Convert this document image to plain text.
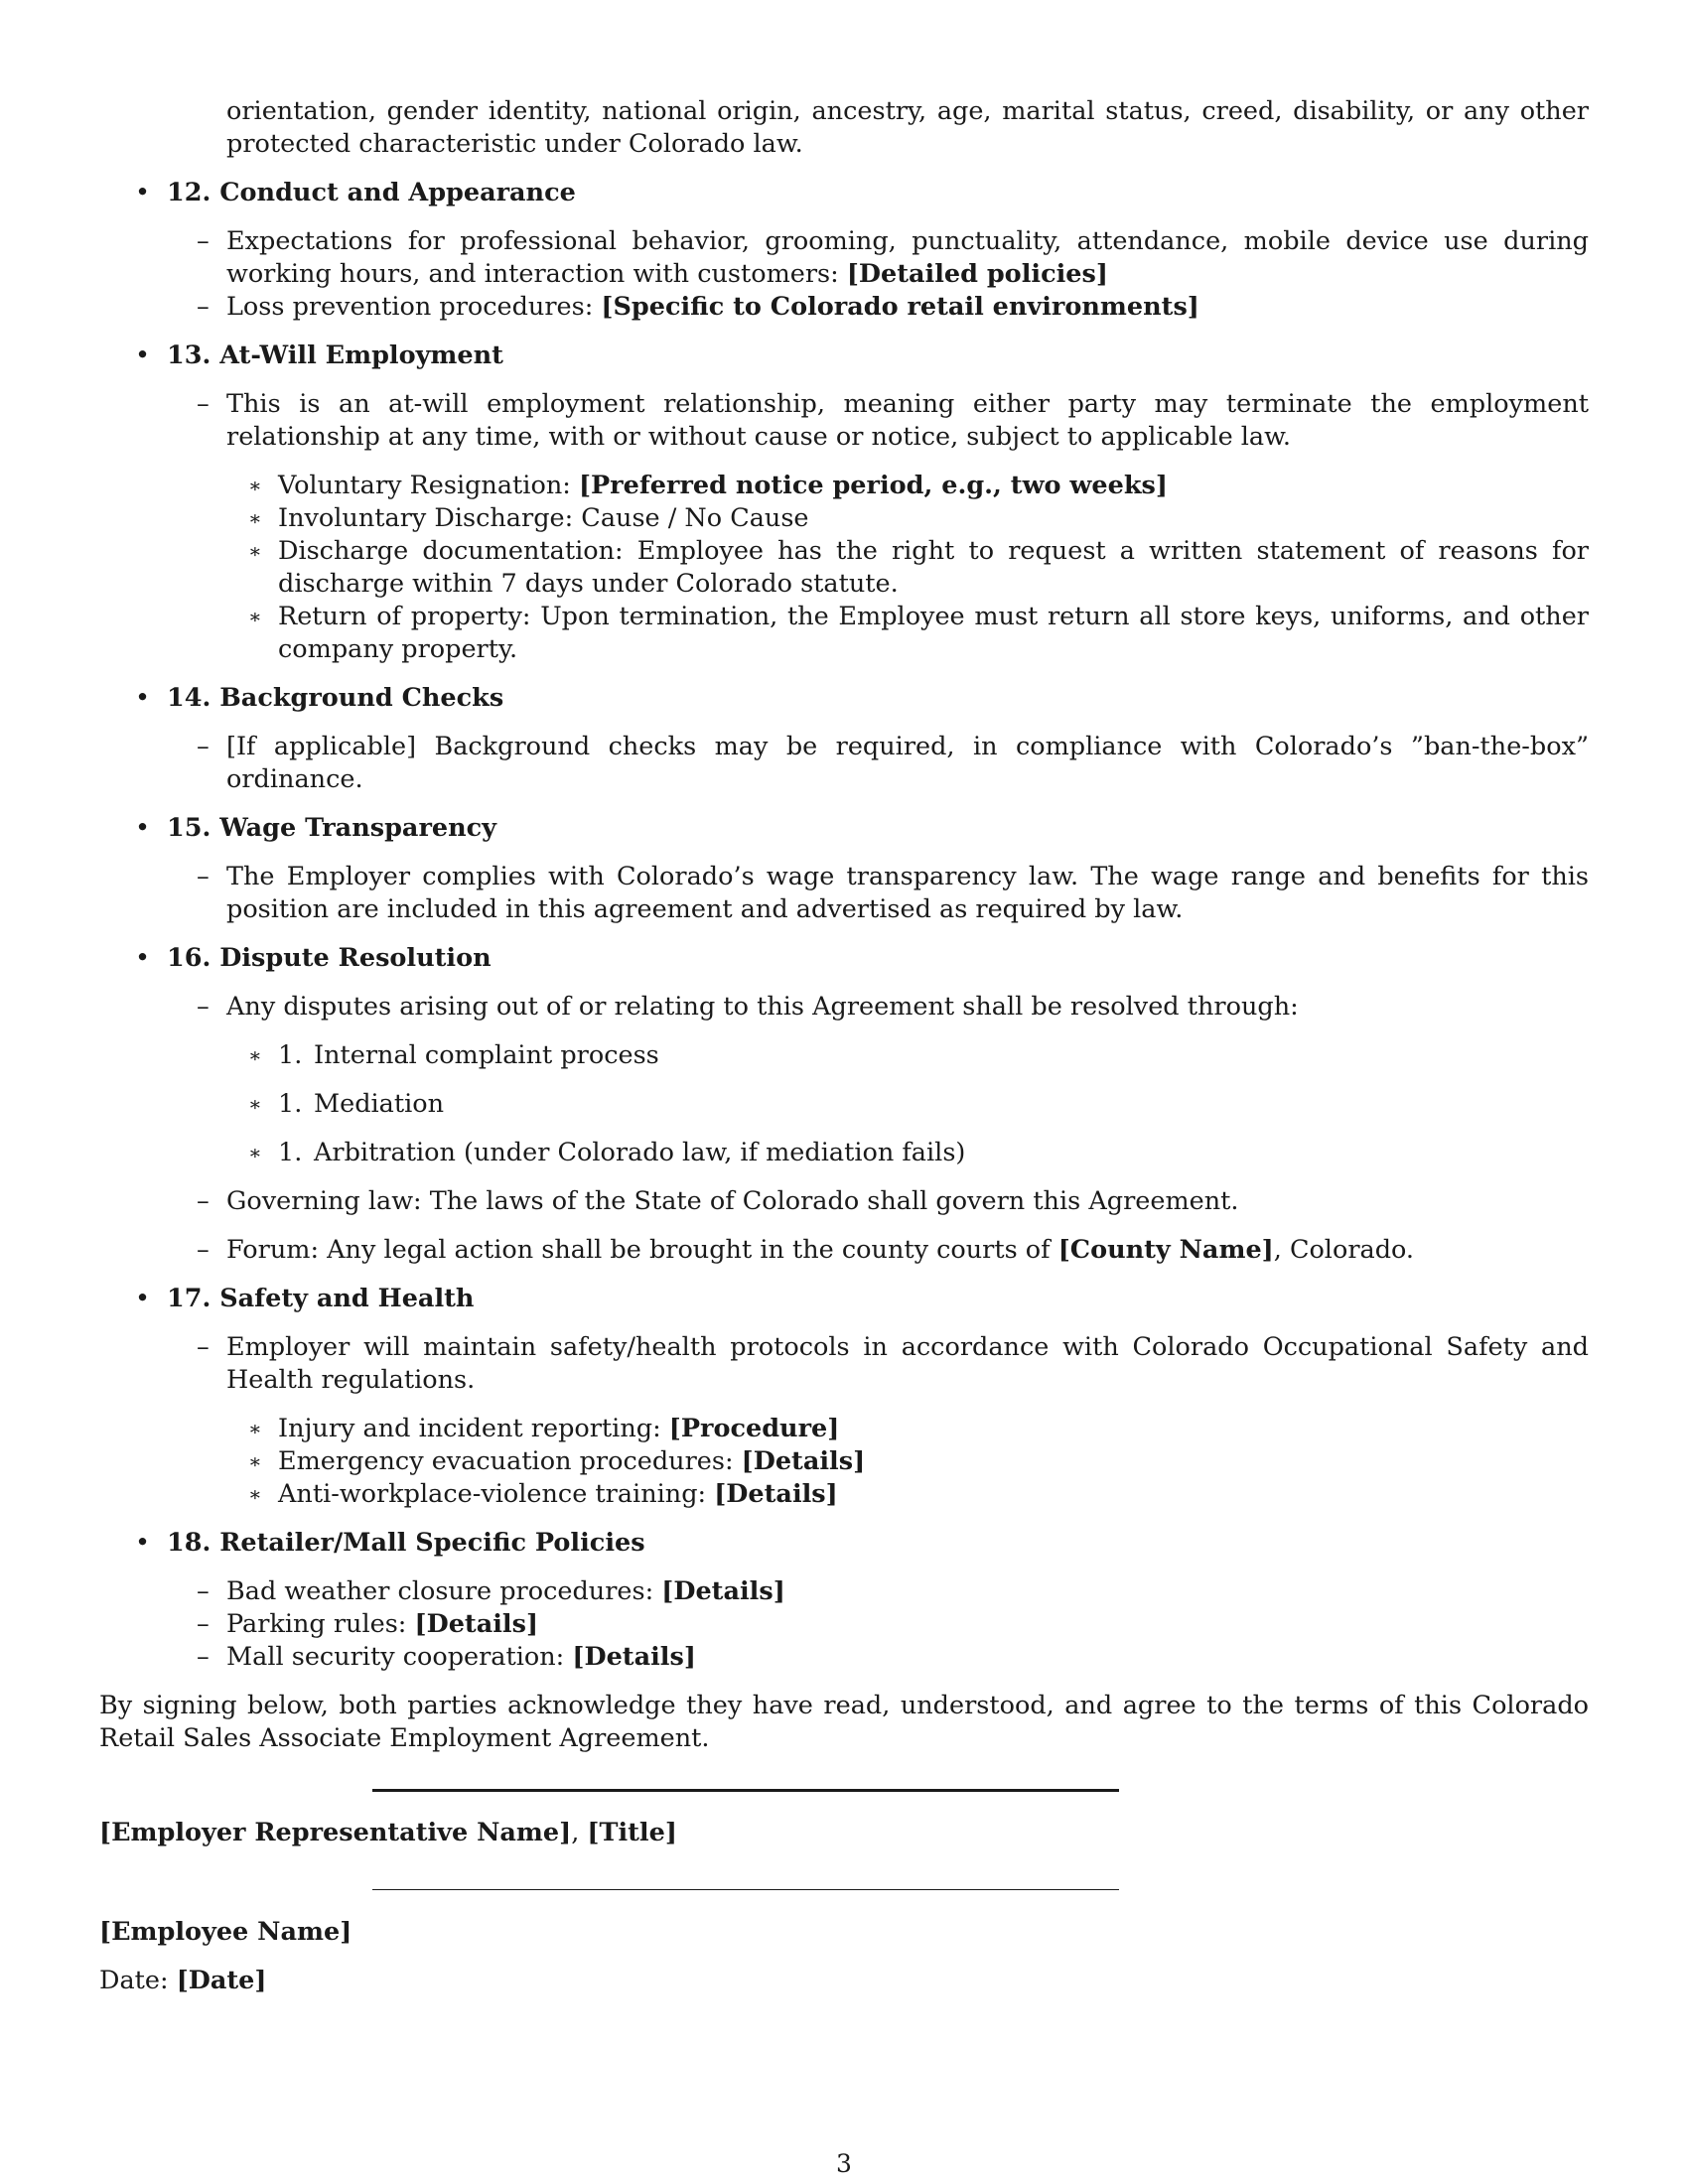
orientation, gender identity, national origin, ancestry, age, marital status, creed, disability, or any other protected characteristic under Colorado law.
• 12. Conduct and Appearance
– Expectations for professional behavior, grooming, punctuality, attendance, mobile device use during working hours, and interaction with customers: [Detailed policies]
– Loss prevention procedures: [Specific to Colorado retail environments]
• 13. At-Will Employment
– This is an at-will employment relationship, meaning either party may terminate the employment relationship at any time, with or without cause or notice, subject to applicable law.
∗ Voluntary Resignation: [Preferred notice period, e.g., two weeks]
∗ Involuntary Discharge: Cause / No Cause
∗ Discharge documentation: Employee has the right to request a written statement of reasons for discharge within 7 days under Colorado statute.
∗ Return of property: Upon termination, the Employee must return all store keys, uniforms, and other company property.
• 14. Background Checks
– [If applicable] Background checks may be required, in compliance with Colorado’s ”ban-the-box” ordinance.
• 15. Wage Transparency
– The Employer complies with Colorado’s wage transparency law. The wage range and benefits for this position are included in this agreement and advertised as required by law.
• 16. Dispute Resolution
– Any disputes arising out of or relating to this Agreement shall be resolved through:
∗ 1. Internal complaint process
∗ 1. Mediation
∗ 1. Arbitration (under Colorado law, if mediation fails)
– Governing law: The laws of the State of Colorado shall govern this Agreement.
– Forum: Any legal action shall be brought in the county courts of [County Name], Colorado.
• 17. Safety and Health
– Employer will maintain safety/health protocols in accordance with Colorado Occupational Safety and Health regulations.
∗ Injury and incident reporting: [Procedure]
∗ Emergency evacuation procedures: [Details]
∗ Anti-workplace-violence training: [Details]
• 18. Retailer/Mall Specific Policies
– Bad weather closure procedures: [Details]
– Parking rules: [Details]
– Mall security cooperation: [Details]
By signing below, both parties acknowledge they have read, understood, and agree to the terms of this Colorado Retail Sales Associate Employment Agreement.
[Employer Representative Name], [Title]
[Employee Name]
Date: [Date]
3
